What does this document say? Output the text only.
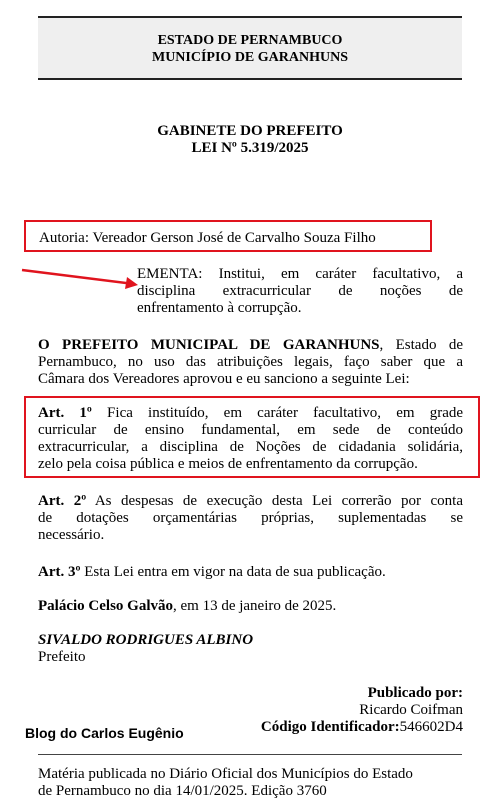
ESTADO DE PERNAMBUCO
MUNICÍPIO DE GARANHUNS
GABINETE DO PREFEITO
LEI Nº 5.319/2025
Autoria: Vereador Gerson José de Carvalho Souza Filho
EMENTA: Institui, em caráter facultativo, a
disciplina extracurricular de noções de
enfrentamento à corrupção.
O PREFEITO MUNICIPAL DE GARANHUNS, Estado de
Pernambuco, no uso das atribuições legais, faço saber que a
Câmara dos Vereadores aprovou e eu sanciono a seguinte Lei:
Art. 1º Fica instituído, em caráter facultativo, em grade
curricular de ensino fundamental, em sede de conteúdo
extracurricular, a disciplina de Noções de cidadania solidária,
zelo pela coisa pública e meios de enfrentamento da corrupção.
Art. 2º As despesas de execução desta Lei correrão por conta
de dotações orçamentárias próprias, suplementadas se
necessário.
Art. 3º Esta Lei entra em vigor na data de sua publicação.
Palácio Celso Galvão, em 13 de janeiro de 2025.
SIVALDO RODRIGUES ALBINO
Prefeito
Publicado por:
Ricardo Coifman
Código Identificador:546602D4
Blog do Carlos Eugênio
Matéria publicada no Diário Oficial dos Municípios do Estado
de Pernambuco no dia 14/01/2025. Edição 3760
